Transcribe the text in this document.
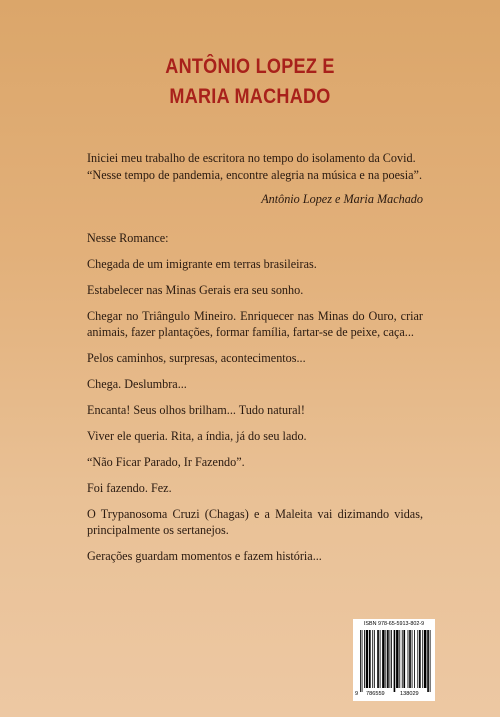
ANTÔNIO LOPEZ E
MARIA MACHADO

Iniciei meu trabalho de escritora no tempo do isolamento da Covid.

“Nesse tempo de pandemia, encontre alegria na música e na poesia”.

Antônio Lopez e Maria Machado

Nesse Romance:

Chegada de um imigrante em terras brasileiras.

Estabelecer nas Minas Gerais era seu sonho.

Chegar no Triângulo Mineiro. Enriquecer nas Minas do Ouro, criar animais, fazer plantações, formar família, fartar-se de peixe, caça...

Pelos caminhos, surpresas, acontecimentos...

Chega. Deslumbra...

Encanta! Seus olhos brilham... Tudo natural!

Viver ele queria. Rita, a índia, já do seu lado.

“Não Ficar Parado, Ir Fazendo”.

Foi fazendo. Fez.

O Trypanosoma Cruzi (Chagas) e a Maleita vai dizimando vidas, principalmente os sertanejos.

Gerações guardam momentos e fazem história...

ISBN 978-65-5913-802-9
9 786559	138029
